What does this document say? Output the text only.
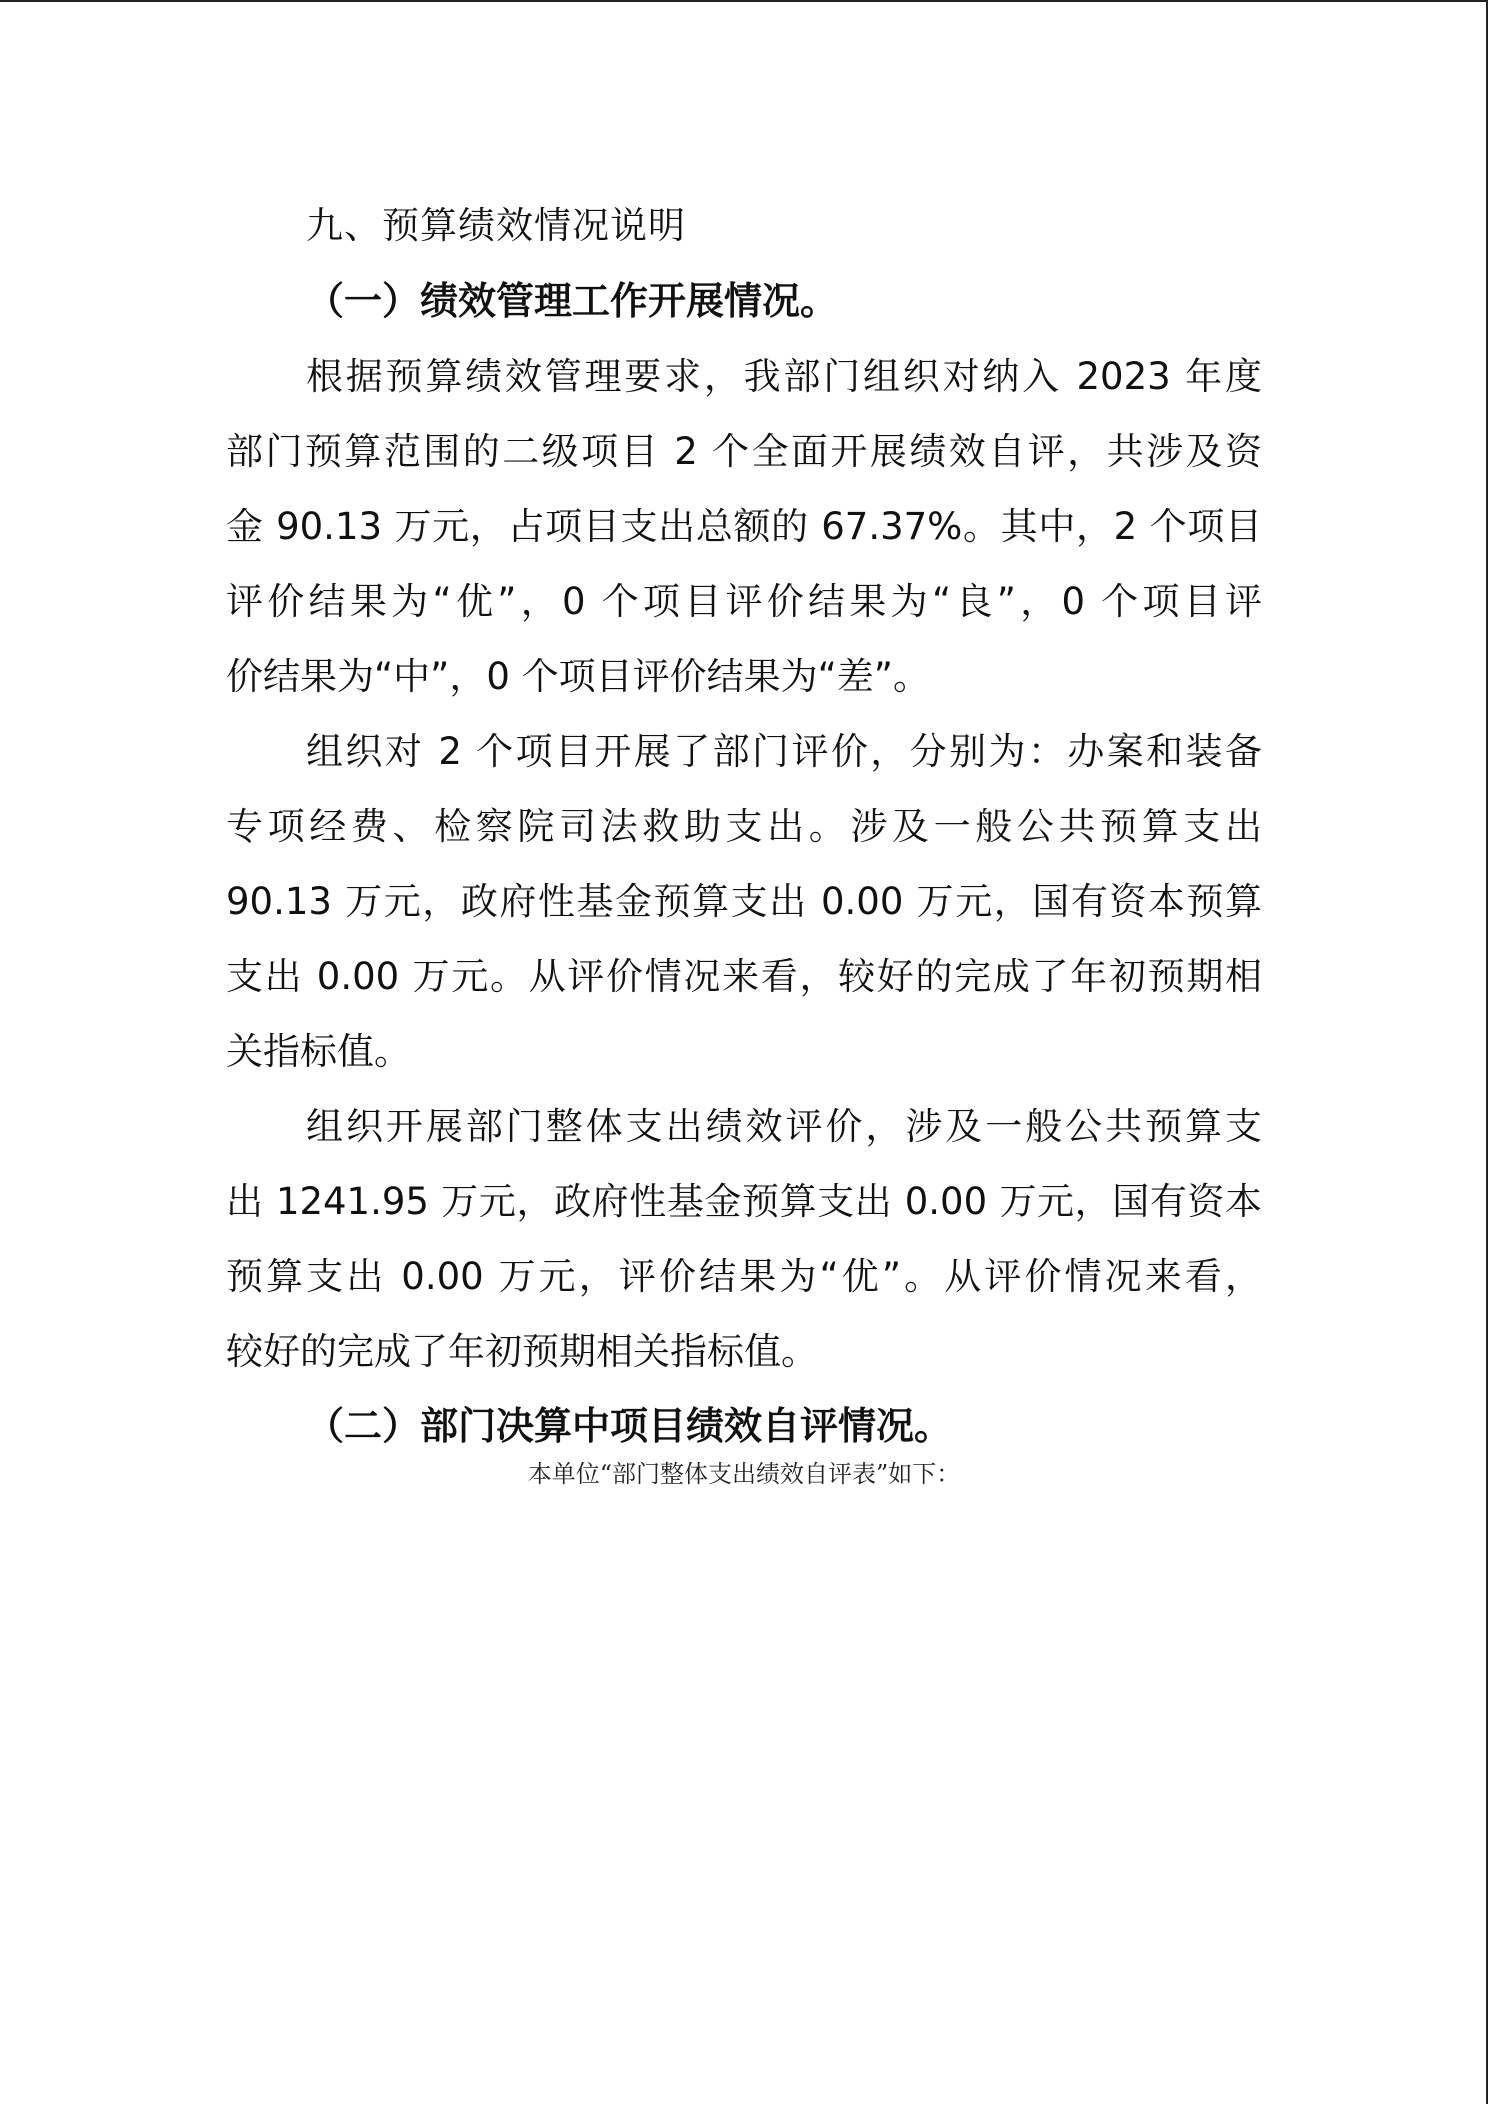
九、预算绩效情况说明
（一）绩效管理工作开展情况。
根据预算绩效管理要求，我部门组织对纳入 2023 年度
部门预算范围的二级项目 2 个全面开展绩效自评，共涉及资
金 90.13 万元，占项目支出总额的 67.37%。其中，2 个项目
评价结果为“优”，0 个项目评价结果为“良”，0 个项目评
价结果为“中”，0 个项目评价结果为“差”。
组织对 2 个项目开展了部门评价，分别为：办案和装备
专项经费、检察院司法救助支出。涉及一般公共预算支出
90.13 万元，政府性基金预算支出 0.00 万元，国有资本预算
支出 0.00 万元。从评价情况来看，较好的完成了年初预期相
关指标值。
组织开展部门整体支出绩效评价，涉及一般公共预算支
出 1241.95 万元，政府性基金预算支出 0.00 万元，国有资本
预算支出 0.00 万元，评价结果为“优”。从评价情况来看，
较好的完成了年初预期相关指标值。
（二）部门决算中项目绩效自评情况。
本单位“部门整体支出绩效自评表”如下：
